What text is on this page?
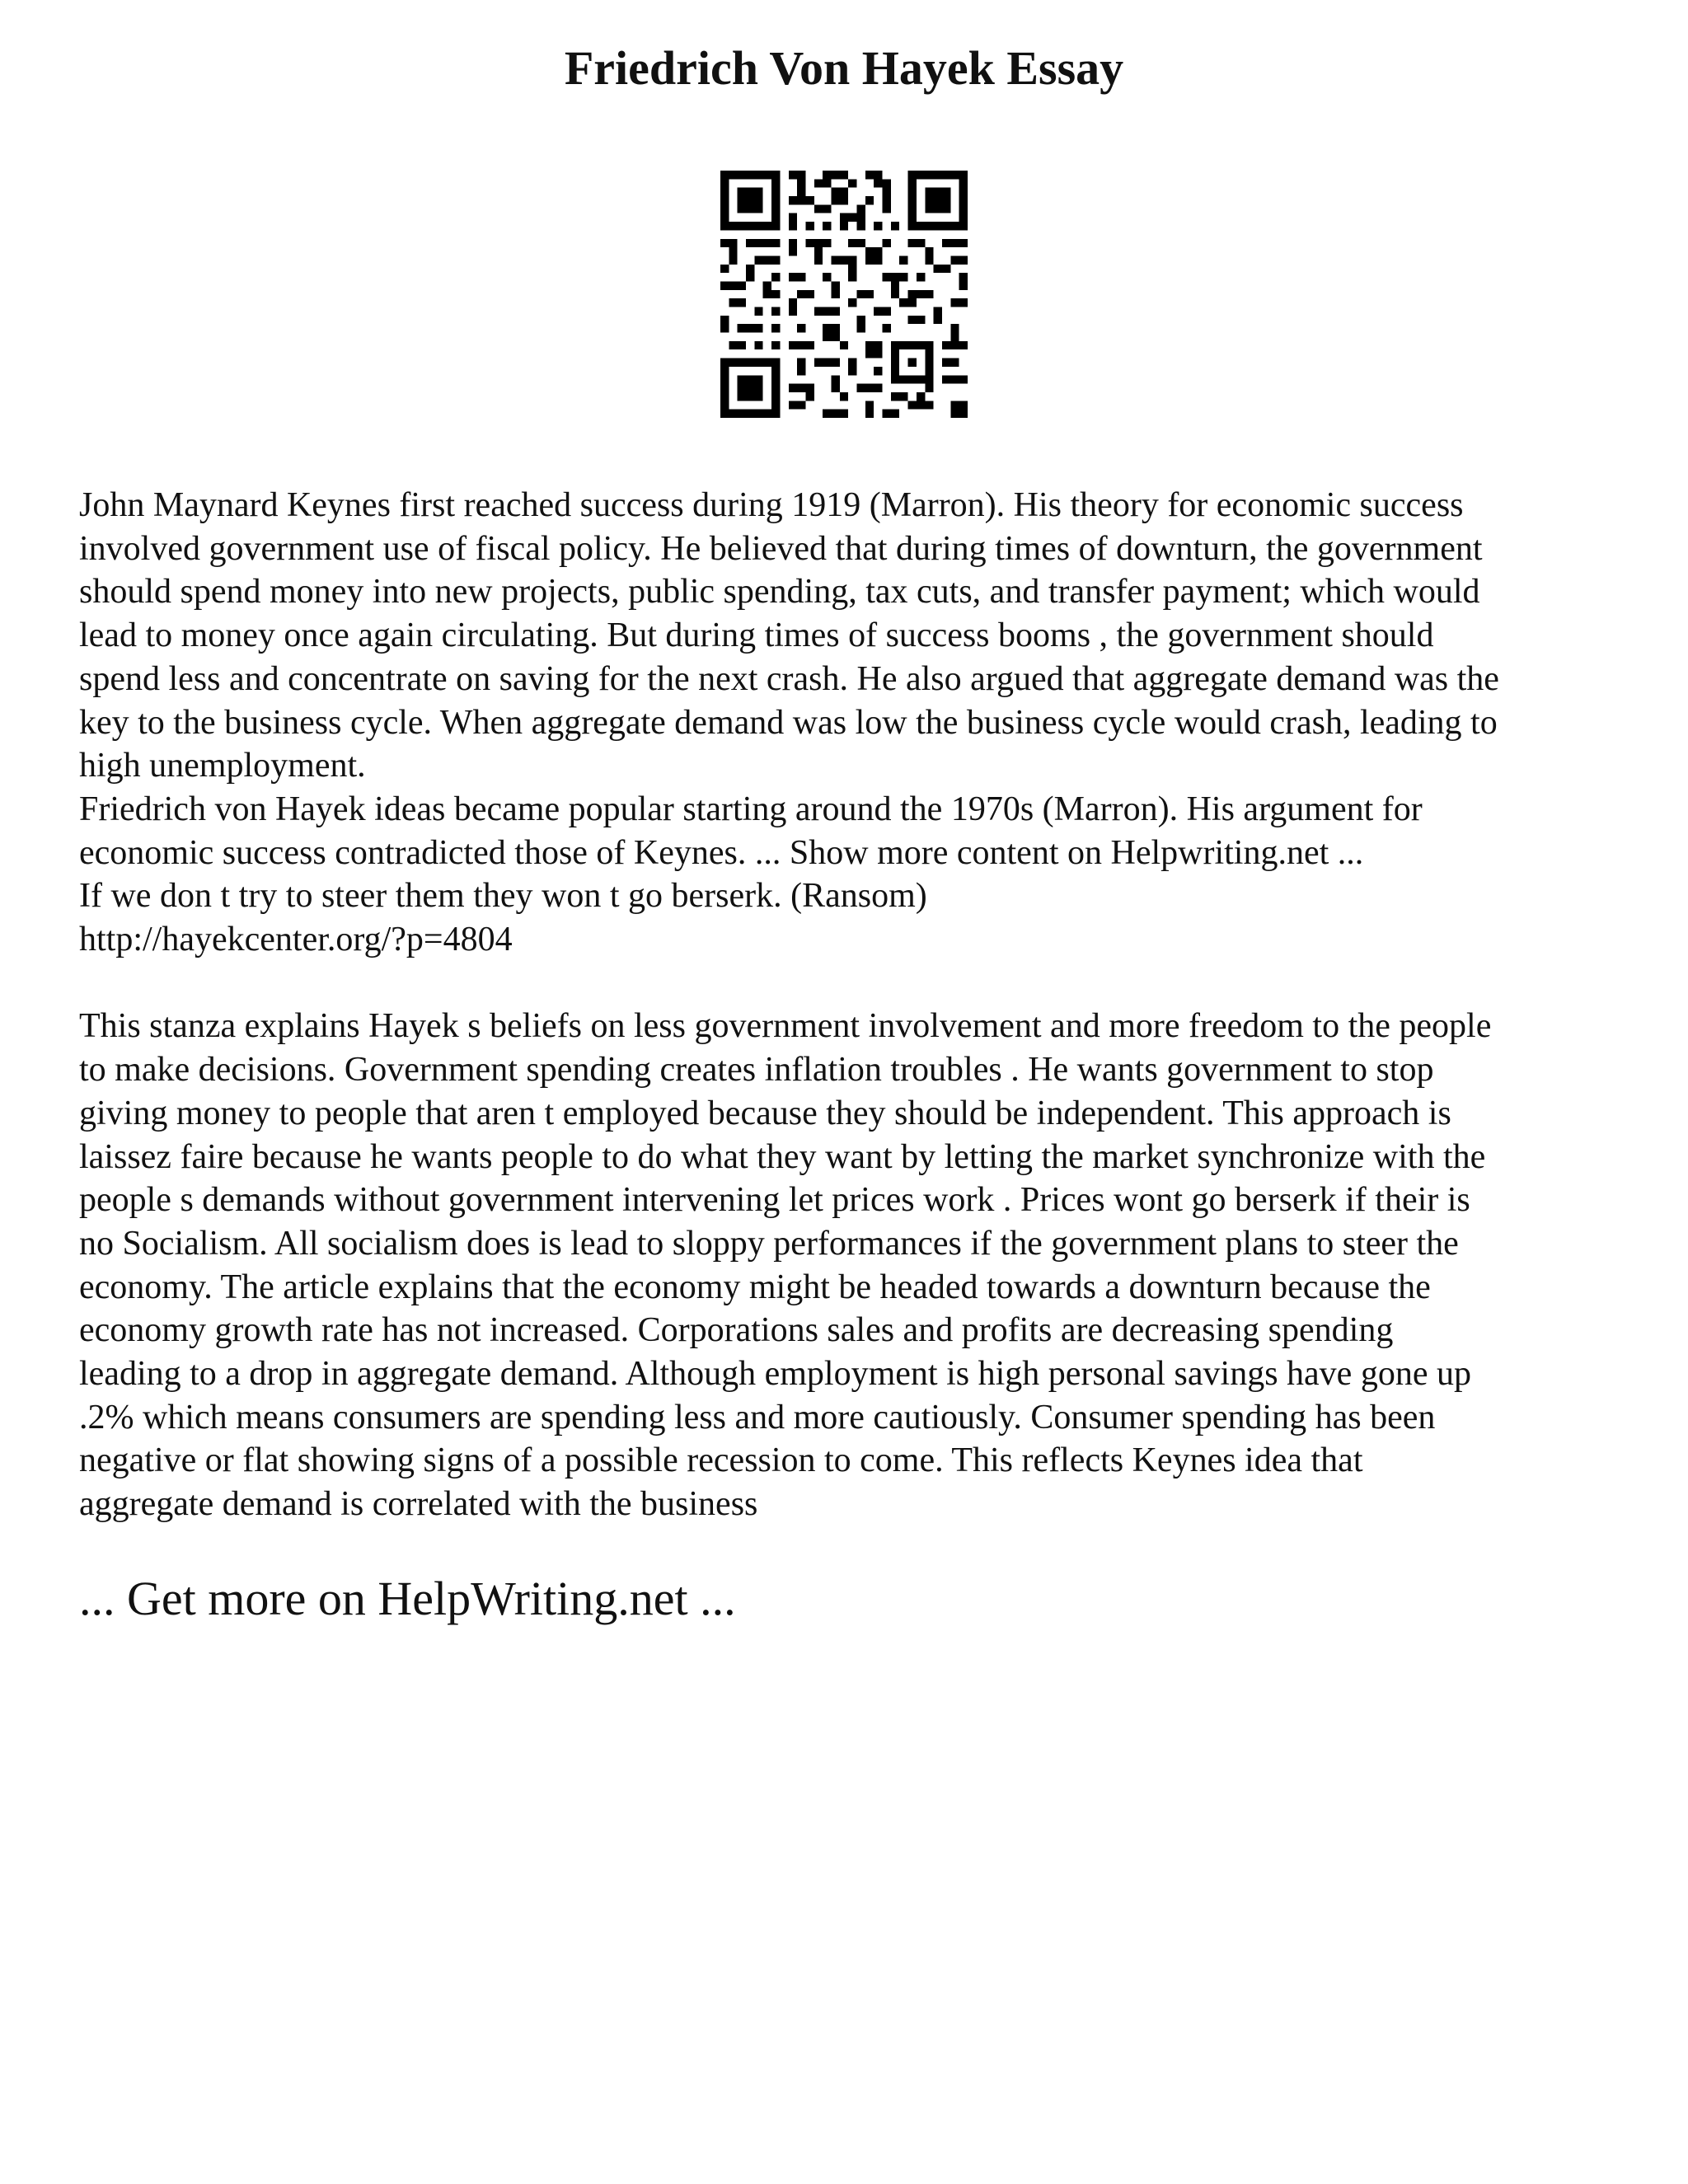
Friedrich Von Hayek Essay
John Maynard Keynes first reached success during 1919 (Marron). His theory for economic success
involved government use of fiscal policy. He believed that during times of downturn, the government
should spend money into new projects, public spending, tax cuts, and transfer payment; which would
lead to money once again circulating. But during times of success booms , the government should
spend less and concentrate on saving for the next crash. He also argued that aggregate demand was the
key to the business cycle. When aggregate demand was low the business cycle would crash, leading to
high unemployment.
Friedrich von Hayek ideas became popular starting around the 1970s (Marron). His argument for
economic success contradicted those of Keynes. ... Show more content on Helpwriting.net ...
If we don t try to steer them they won t go berserk. (Ransom)
http://hayekcenter.org/?p=4804
This stanza explains Hayek s beliefs on less government involvement and more freedom to the people
to make decisions. Government spending creates inflation troubles . He wants government to stop
giving money to people that aren t employed because they should be independent. This approach is
laissez faire because he wants people to do what they want by letting the market synchronize with the
people s demands without government intervening let prices work . Prices wont go berserk if their is
no Socialism. All socialism does is lead to sloppy performances if the government plans to steer the
economy. The article explains that the economy might be headed towards a downturn because the
economy growth rate has not increased. Corporations sales and profits are decreasing spending
leading to a drop in aggregate demand. Although employment is high personal savings have gone up
.2% which means consumers are spending less and more cautiously. Consumer spending has been
negative or flat showing signs of a possible recession to come. This reflects Keynes idea that
aggregate demand is correlated with the business

... Get more on HelpWriting.net ...
